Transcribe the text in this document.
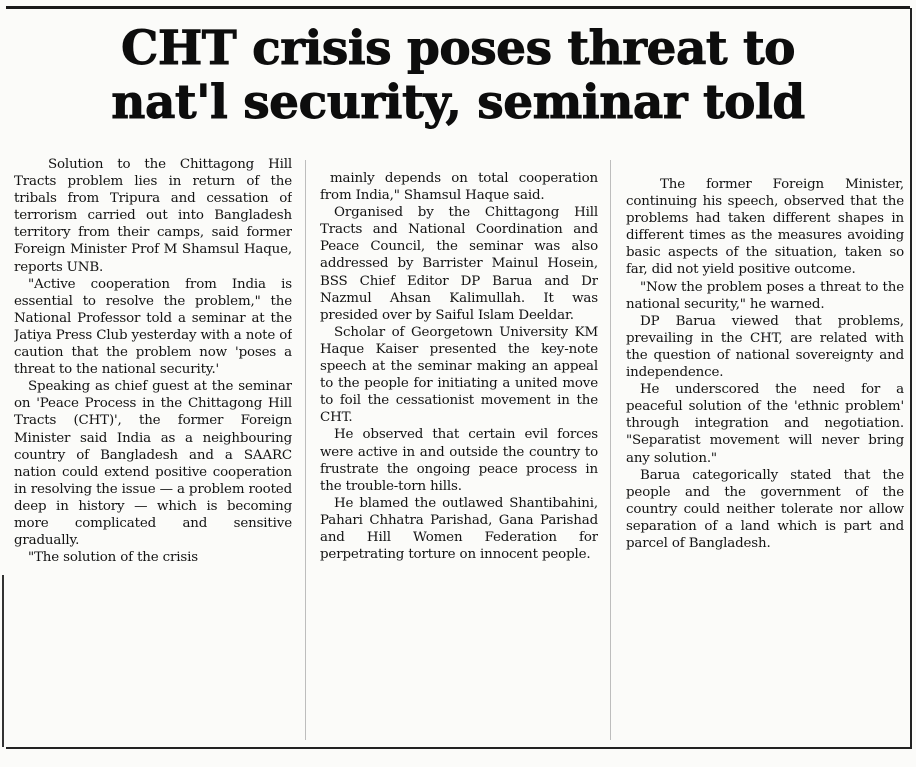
CHT crisis poses threat to
nat'l security, seminar told

Solution to the Chittagong Hill Tracts problem lies in return of the tribals from Tripura and cessation of terrorism carried out into Bangladesh territory from their camps, said former Foreign Minister Prof M Shamsul Haque, reports UNB.

"Active cooperation from India is essential to resolve the problem," the National Professor told a seminar at the Jatiya Press Club yesterday with a note of caution that the problem now 'poses a threat to the national security.'

Speaking as chief guest at the seminar on 'Peace Process in the Chittagong Hill Tracts (CHT)', the former Foreign Minister said India as a neighbouring country of Bangladesh and a SAARC nation could extend positive cooperation in resolving the issue — a problem rooted deep in history — which is becoming more complicated and sensitive gradually.

"The solution of the crisis

mainly depends on total cooperation from India," Shamsul Haque said.

Organised by the Chittagong Hill Tracts and National Coordination and Peace Council, the seminar was also addressed by Barrister Mainul Hosein, BSS Chief Editor DP Barua and Dr Nazmul Ahsan Kalimullah. It was presided over by Saiful Islam Deeldar.

Scholar of Georgetown University KM Haque Kaiser presented the key-note speech at the seminar making an appeal to the people for initiating a united move to foil the cessationist movement in the CHT.

He observed that certain evil forces were active in and outside the country to frustrate the ongoing peace process in the trouble-torn hills.

He blamed the outlawed Shantibahini, Pahari Chhatra Parishad, Gana Parishad and Hill Women Federation for perpetrating torture on innocent people.

The former Foreign Minister, continuing his speech, observed that the problems had taken different shapes in different times as the measures avoiding basic aspects of the situation, taken so far, did not yield positive outcome.

"Now the problem poses a threat to the national security," he warned.

DP Barua viewed that problems, prevailing in the CHT, are related with the question of national sovereignty and independence.

He underscored the need for a peaceful solution of the 'ethnic problem' through integration and negotiation. "Separatist movement will never bring any solution."

Barua categorically stated that the people and the government of the country could neither tolerate nor allow separation of a land which is part and parcel of Bangladesh.
